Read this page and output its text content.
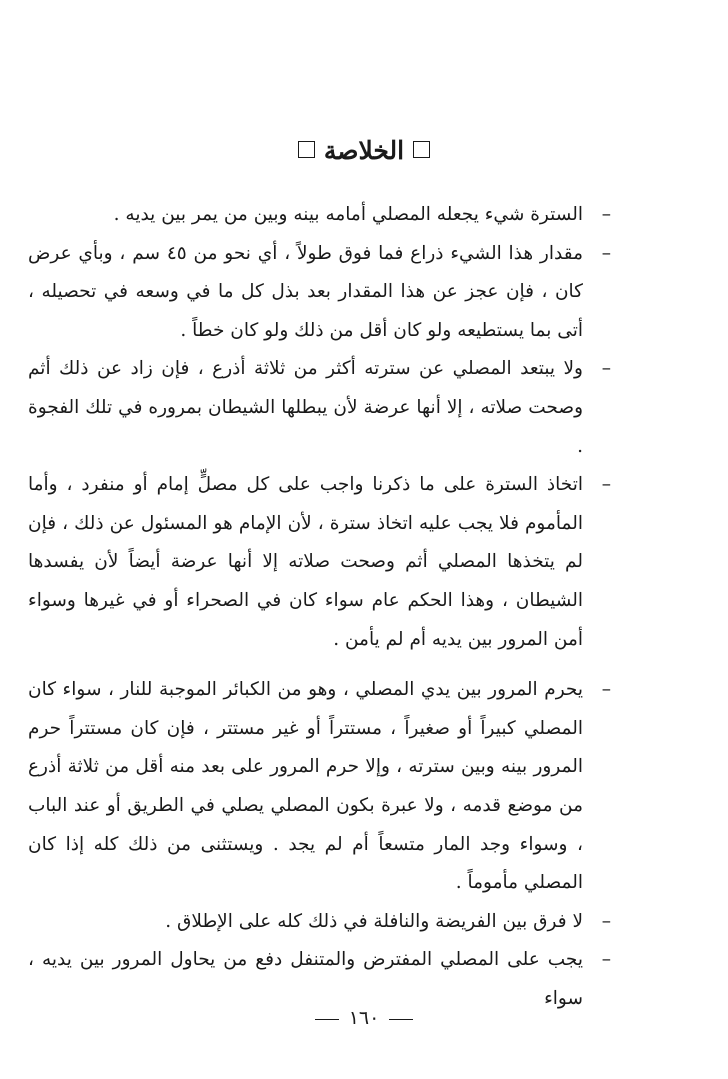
الخلاصة

–
السترة شيء يجعله المصلي أمامه بينه وبين من يمر بين يديه .

–
مقدار هذا الشيء ذراع فما فوق طولاً ، أي نحو من ٤٥ سم ، وبأي عرض كان ، فإن عجز عن هذا المقدار بعد بذل كل ما في وسعه في تحصيله ، أتى بما يستطيعه ولو كان أقل من ذلك ولو كان خطاً .

–
ولا يبتعد المصلي عن سترته أكثر من ثلاثة أذرع ، فإن زاد عن ذلك أثم وصحت صلاته ، إلا أنها عرضة لأن يبطلها الشيطان بمروره في تلك الفجوة .

–
اتخاذ السترة على ما ذكرنا واجب على كل مصلٍّ إمام أو منفرد ، وأما المأموم فلا يجب عليه اتخاذ سترة ، لأن الإمام هو المسئول عن ذلك ، فإن لم يتخذها المصلي أثم وصحت صلاته إلا أنها عرضة أيضاً لأن يفسدها الشيطان ، وهذا الحكم عام سواء كان في الصحراء أو في غيرها وسواء أمن المرور بين يديه أم لم يأمن .

–
يحرم المرور بين يدي المصلي ، وهو من الكبائر الموجبة للنار ، سواء كان المصلي كبيراً أو صغيراً ، مستتراً أو غير مستتر ، فإن كان مستتراً حرم المرور بينه وبين سترته ، وإلا حرم المرور على بعد منه أقل من ثلاثة أذرع من موضع قدمه ، ولا عبرة بكون المصلي يصلي في الطريق أو عند الباب ، وسواء وجد المار متسعاً أم لم يجد . ويستثنى من ذلك كله إذا كان المصلي مأموماً .

–
لا فرق بين الفريضة والنافلة في ذلك كله على الإطلاق .

–
يجب على المصلي المفترض والمتنفل دفع من يحاول المرور بين يديه ، سواء

١٦٠
